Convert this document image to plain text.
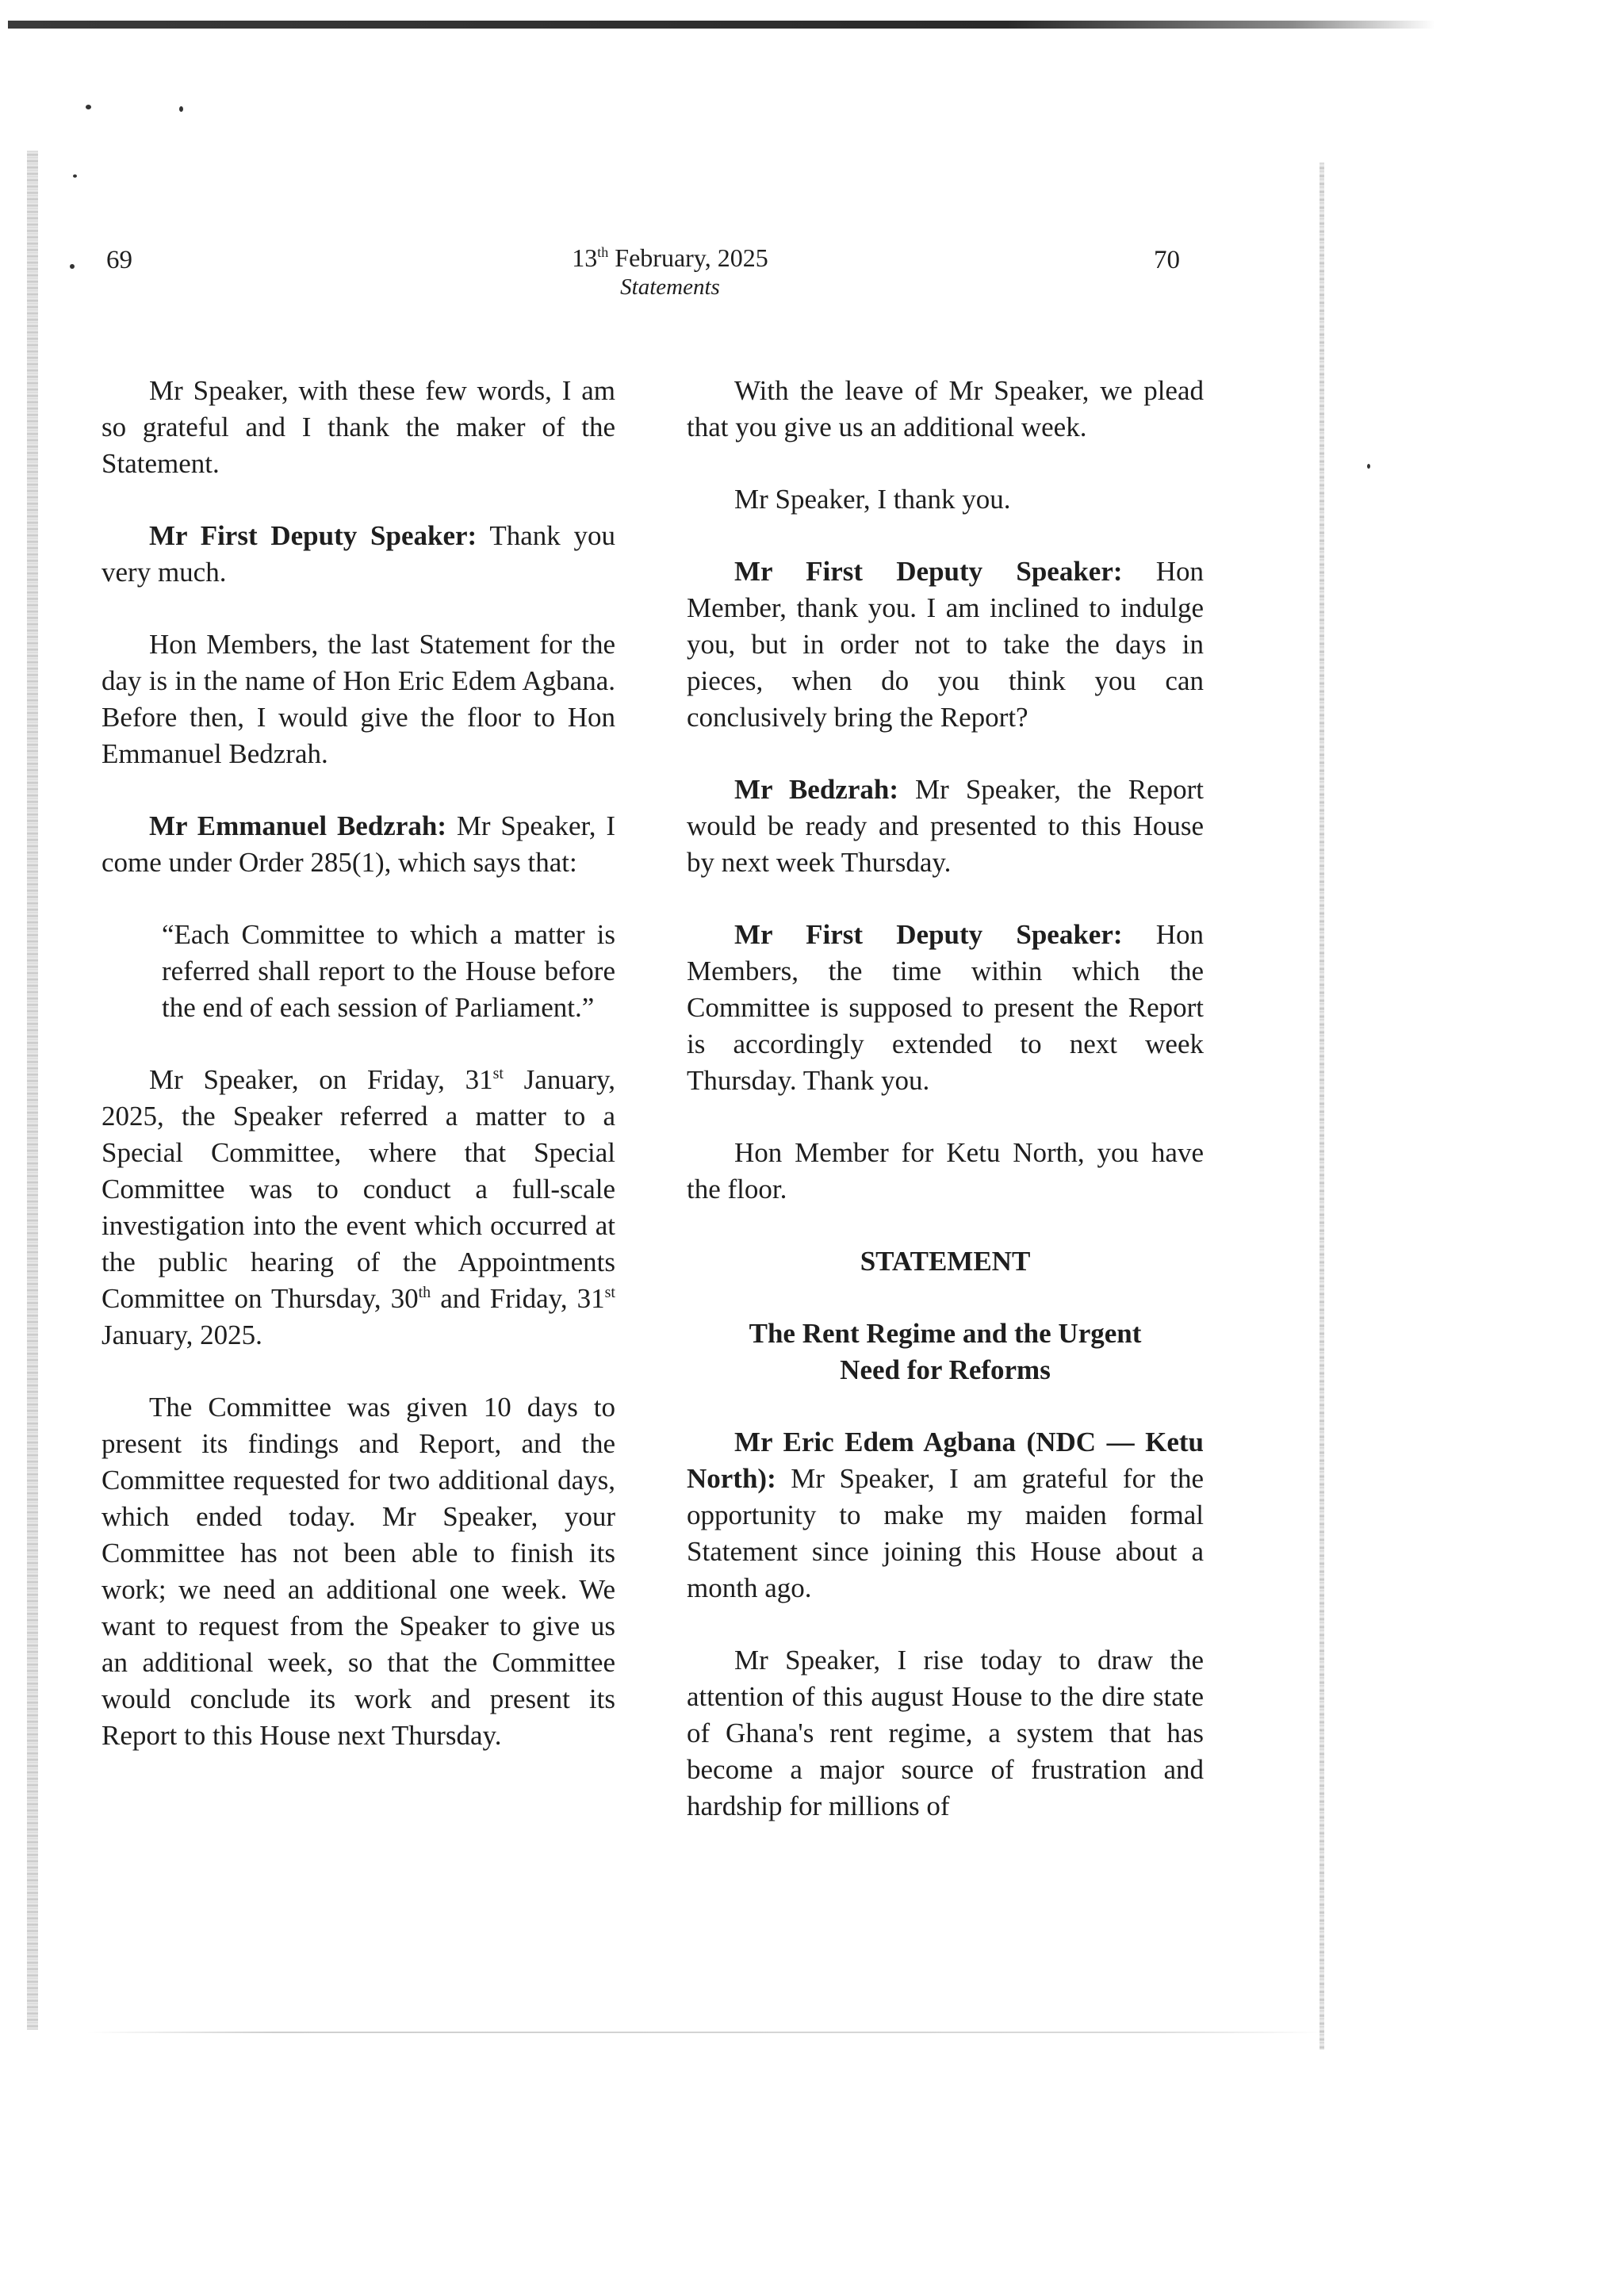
69	13th February, 2025
Statements
70

Mr Speaker, with these few words, I am so grateful and I thank the maker of the Statement.

Mr First Deputy Speaker: Thank you very much.

Hon Members, the last Statement for the day is in the name of Hon Eric Edem Agbana. Before then, I would give the floor to Hon Emmanuel Bedzrah.

Mr Emmanuel Bedzrah: Mr Speaker, I come under Order 285(1), which says that:

“Each Committee to which a matter is referred shall report to the House before the end of each session of Parliament.”

Mr Speaker, on Friday, 31st January, 2025, the Speaker referred a matter to a Special Committee, where that Special Committee was to conduct a full-scale investigation into the event which occurred at the public hearing of the Appointments Committee on Thursday, 30th and Friday, 31st January, 2025.

The Committee was given 10 days to present its findings and Report, and the Committee requested for two additional days, which ended today. Mr Speaker, your Committee has not been able to finish its work; we need an additional one week. We want to request from the Speaker to give us an additional week, so that the Committee would conclude its work and present its Report to this House next Thursday.

With the leave of Mr Speaker, we plead that you give us an additional week.

Mr Speaker, I thank you.

Mr First Deputy Speaker: Hon Member, thank you. I am inclined to indulge you, but in order not to take the days in pieces, when do you think you can conclusively bring the Report?

Mr Bedzrah: Mr Speaker, the Report would be ready and presented to this House by next week Thursday.

Mr First Deputy Speaker: Hon Members, the time within which the Committee is supposed to present the Report is accordingly extended to next week Thursday. Thank you.

Hon Member for Ketu North, you have the floor.

STATEMENT

The Rent Regime and the Urgent Need for Reforms

Mr Eric Edem Agbana (NDC — Ketu North): Mr Speaker, I am grateful for the opportunity to make my maiden formal Statement since joining this House about a month ago.

Mr Speaker, I rise today to draw the attention of this august House to the dire state of Ghana's rent regime, a system that has become a major source of frustration and hardship for millions of
